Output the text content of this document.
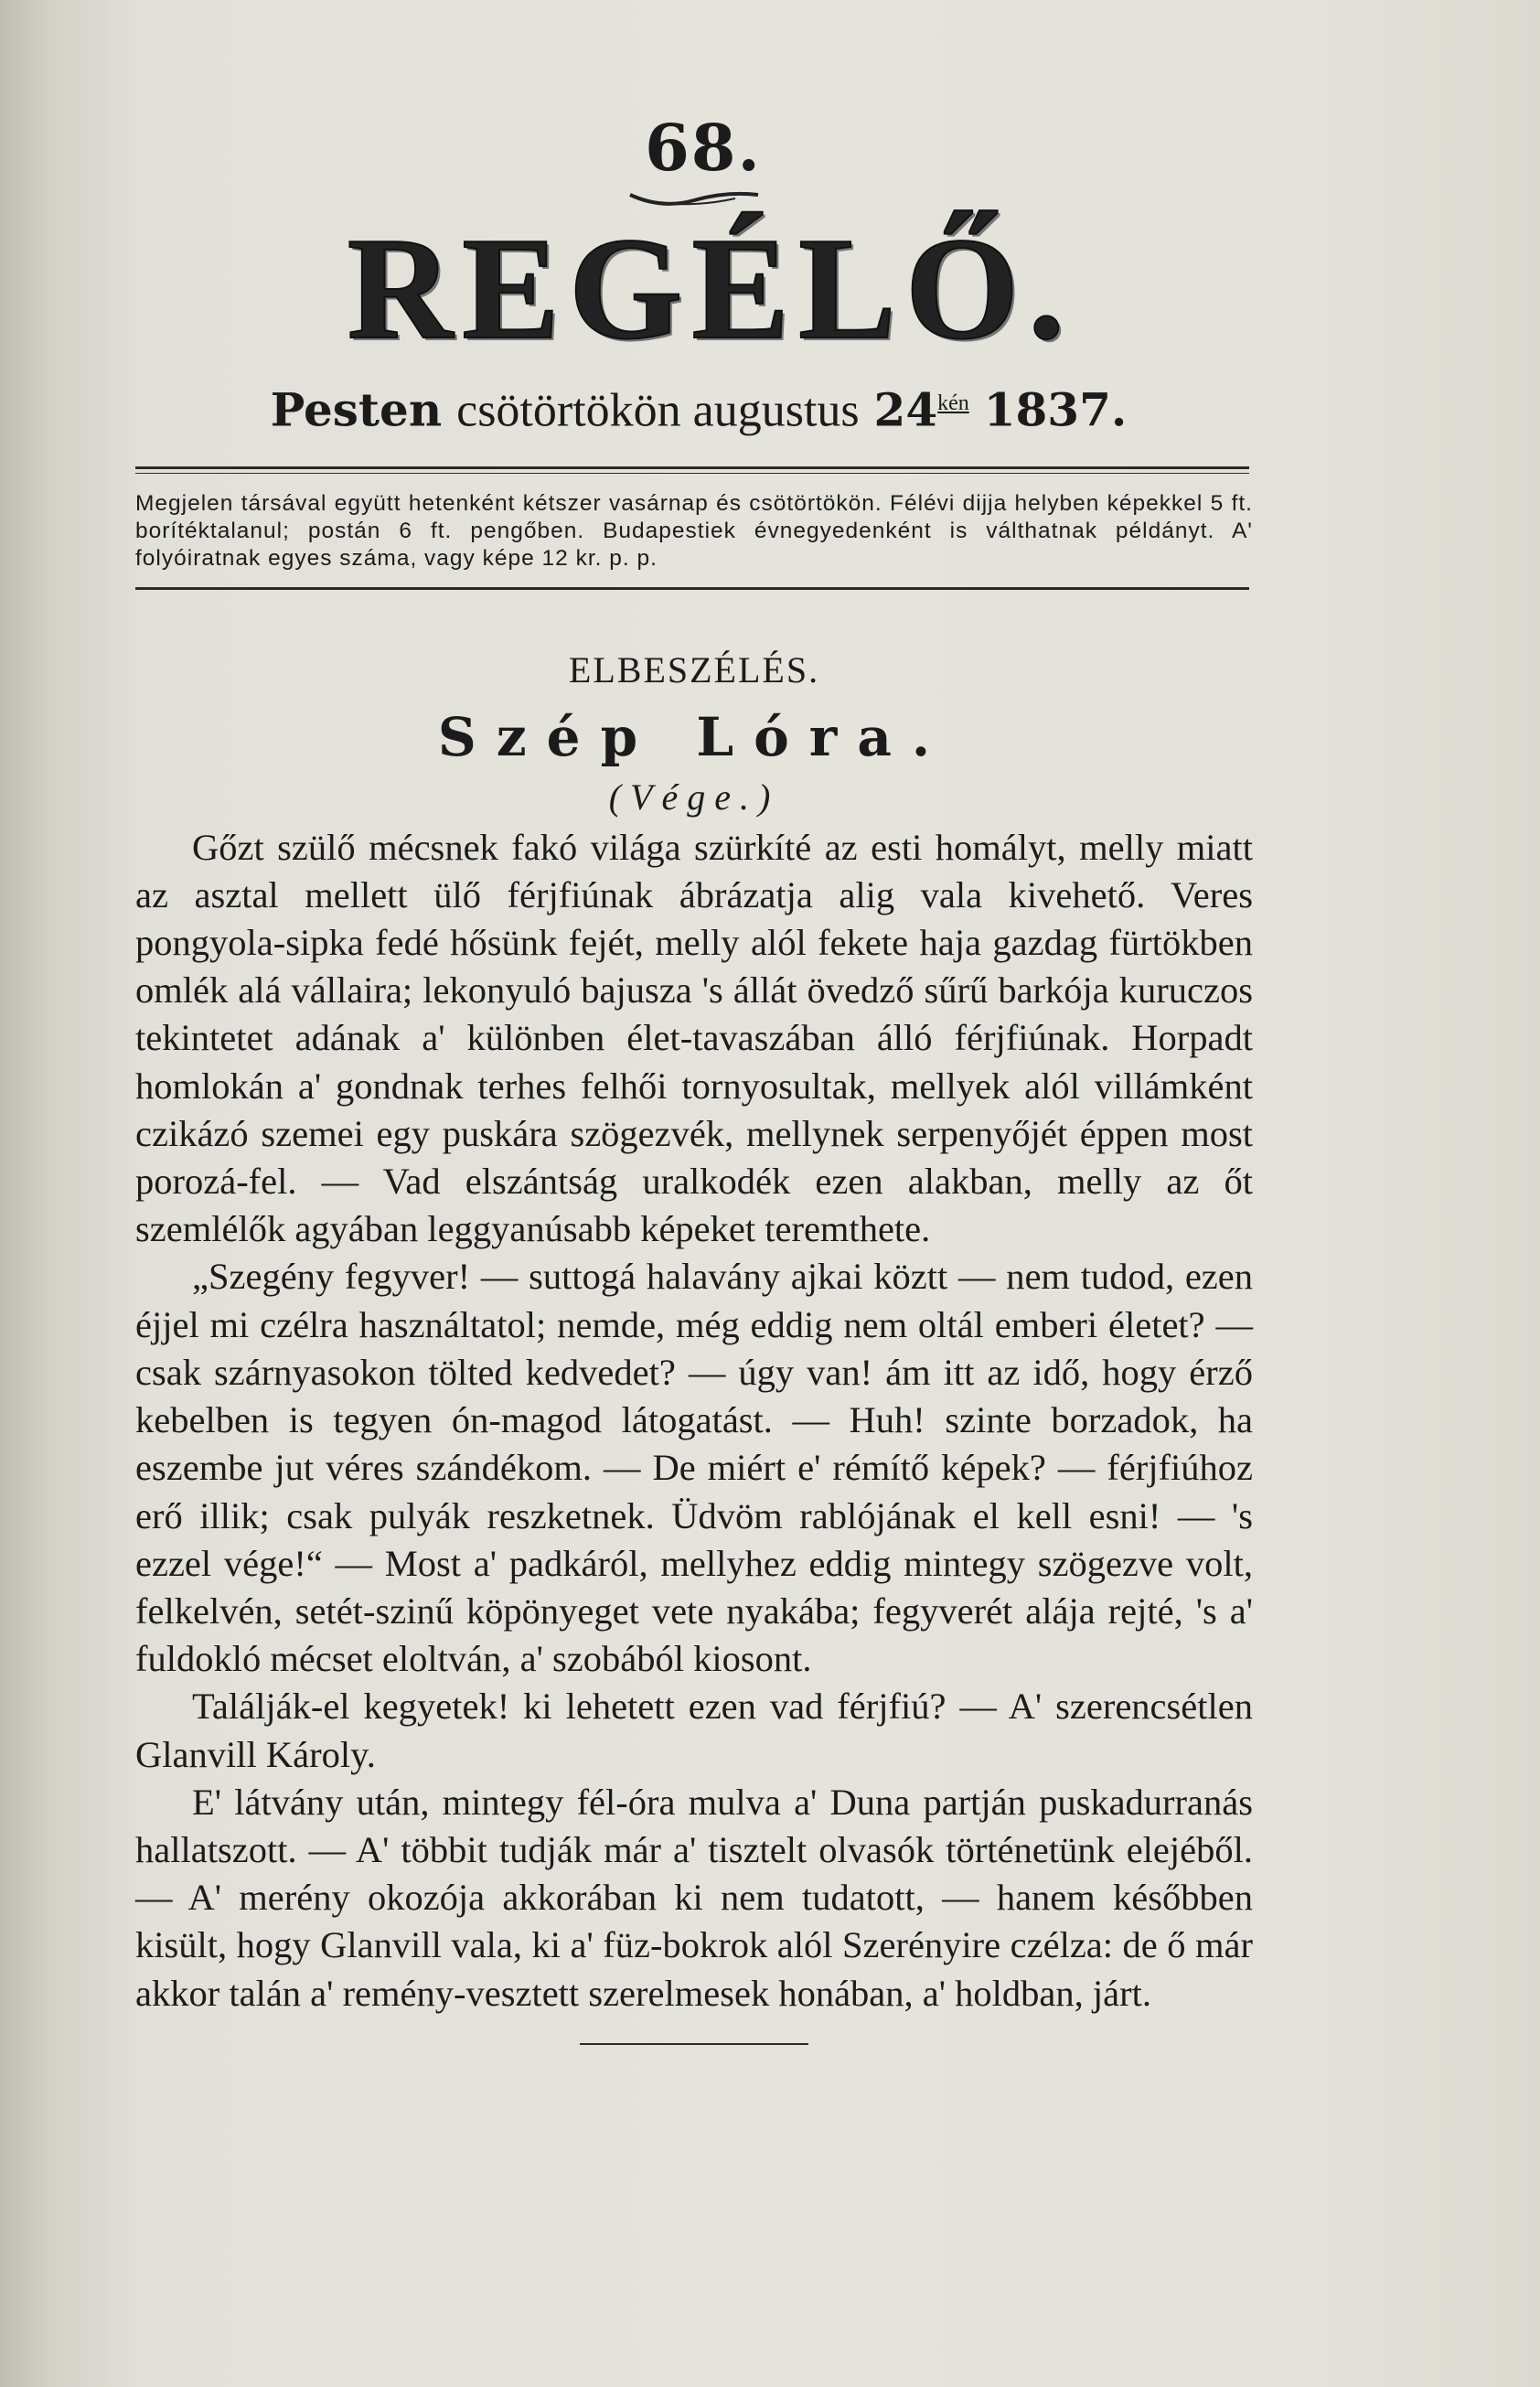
68.
REGÉLŐ.
Pesten csötörtökön augustus $24^{kén}$ 1837.
Megjelen társával együtt hetenként kétszer vasárnap és csötörtökön. Félévi dijja helyben képekkel 5 ft. borítéktalanul; postán 6 ft. pengőben. Budapestiek évnegyedenként is válthatnak példányt. A' folyóiratnak egyes száma, vagy képe 12 kr. p. p.
ELBESZÉLÉS.
Szép Lóra.
(Vége.)

Gőzt szülő mécsnek fakó világa szürkíté az esti homályt, melly miatt az asztal mellett ülő férjfiúnak ábrázatja alig vala kivehető. Veres pongyola-sipka fedé hősünk fejét, melly alól fekete haja gazdag fürtökben omlék alá vállaira; lekonyuló bajusza 's állát övedző sűrű barkója kuruczos tekintetet adának a' különben élet-tavaszában álló férjfiúnak. Horpadt homlokán a' gondnak terhes felhői tornyosultak, mellyek alól villámként czikázó szemei egy puskára szögezvék, mellynek serpenyőjét éppen most porozá-fel. — Vad elszántság uralkodék ezen alakban, melly az őt szemlélők agyában leggyanúsabb képeket teremthete.

„Szegény fegyver! — suttogá halavány ajkai köztt — nem tudod, ezen éjjel mi czélra használtatol; nemde, még eddig nem oltál emberi életet? — csak szárnyasokon tölted kedvedet? — úgy van! ám itt az idő, hogy érző kebelben is tegyen ón-magod látogatást. — Huh! szinte borzadok, ha eszembe jut véres szándékom. — De miért e' rémítő képek? — férjfiúhoz erő illik; csak pulyák reszketnek. Üdvöm rablójának el kell esni! — 's ezzel vége!“ — Most a' padkáról, mellyhez eddig mintegy szögezve volt, felkelvén, setét-szinű köpönyeget vete nyakába; fegyverét alája rejté, 's a' fuldokló mécset eloltván, a' szobából kiosont.

Találják-el kegyetek! ki lehetett ezen vad férjfiú? — A' szerencsétlen Glanvill Károly.

E' látvány után, mintegy fél-óra mulva a' Duna partján puskadurranás hallatszott. — A' többit tudják már a' tisztelt olvasók történetünk elejéből. — A' merény okozója akkorában ki nem tudatott, — hanem későbben kisült, hogy Glanvill vala, ki a' füz-bokrok alól Szerényire czélza: de ő már akkor talán a' remény-vesztett szerelmesek honában, a' holdban, járt.
